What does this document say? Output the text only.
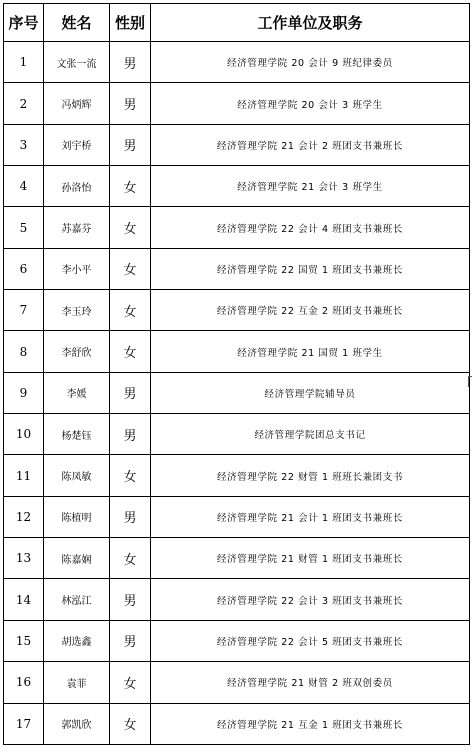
序号	姓名	性别	工作单位及职务
1	文张一流	男	经济管理学院 20 会计 9 班纪律委员
2	冯炳辉	男	经济管理学院 20 会计 3 班学生
3	刘宇桥	男	经济管理学院 21 会计 2 班团支书兼班长
4	孙洛怡	女	经济管理学院 21 会计 3 班学生
5	苏嘉芬	女	经济管理学院 22 会计 4 班团支书兼班长
6	李小平	女	经济管理学院 22 国贸 1 班团支书兼班长
7	李玉玲	女	经济管理学院 22 互金 2 班团支书兼班长
8	李舒欣	女	经济管理学院 21 国贸 1 班学生
9	李媛	男	经济管理学院辅导员
10	杨楚钰	男	经济管理学院团总支书记
11	陈凤敏	女	经济管理学院 22 财管 1 班班长兼团支书
12	陈植明	男	经济管理学院 21 会计 1 班团支书兼班长
13	陈嘉娴	女	经济管理学院 21 财管 1 班团支书兼班长
14	林泓江	男	经济管理学院 22 会计 3 班团支书兼班长
15	胡选鑫	男	经济管理学院 22 会计 5 班团支书兼班长
16	袁菲	女	经济管理学院 21 财管 2 班双创委员
17	郭凯欣	女	经济管理学院 21 互金 1 班团支书兼班长
